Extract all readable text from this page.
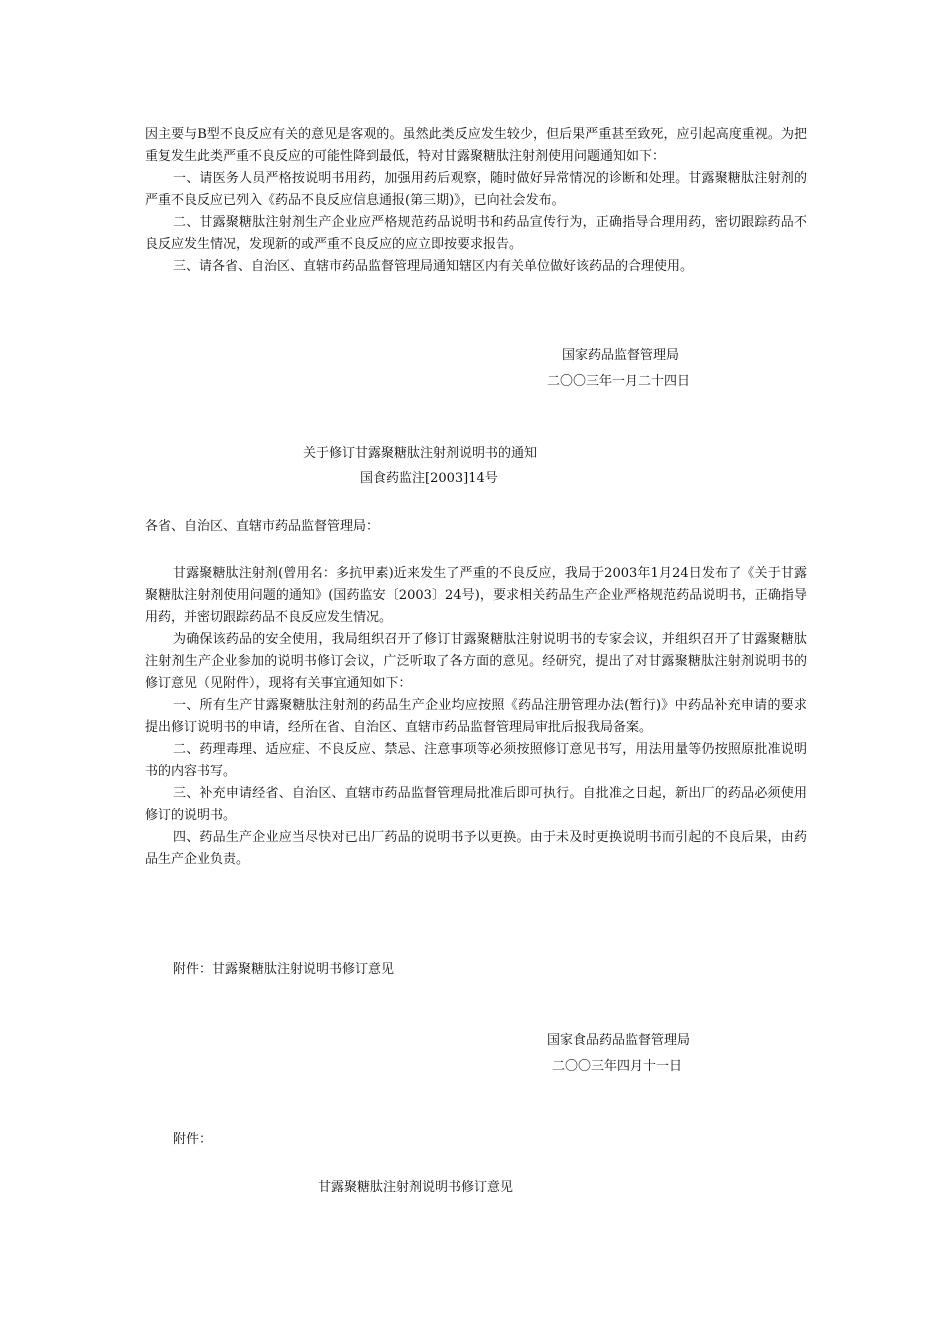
因主要与B型不良反应有关的意见是客观的。虽然此类反应发生较少，但后果严重甚至致死，应引起高度重视。为把重复发生此类严重不良反应的可能性降到最低，特对甘露聚糖肽注射剂使用问题通知如下：

一、请医务人员严格按说明书用药，加强用药后观察，随时做好异常情况的诊断和处理。甘露聚糖肽注射剂的严重不良反应已列入《药品不良反应信息通报(第三期)》，已向社会发布。

二、甘露聚糖肽注射剂生产企业应严格规范药品说明书和药品宣传行为，正确指导合理用药，密切跟踪药品不良反应发生情况，发现新的或严重不良反应的应立即按要求报告。

三、请各省、自治区、直辖市药品监督管理局通知辖区内有关单位做好该药品的合理使用。

国家药品监督管理局

二〇〇三年一月二十四日

关于修订甘露聚糖肽注射剂说明书的通知

国食药监注[2003]14号

各省、自治区、直辖市药品监督管理局：

甘露聚糖肽注射剂(曾用名：多抗甲素)近来发生了严重的不良反应，我局于2003年1月24日发布了《关于甘露聚糖肽注射剂使用问题的通知》(国药监安〔2003〕24号)，要求相关药品生产企业严格规范药品说明书，正确指导用药，并密切跟踪药品不良反应发生情况。

为确保该药品的安全使用，我局组织召开了修订甘露聚糖肽注射说明书的专家会议，并组织召开了甘露聚糖肽注射剂生产企业参加的说明书修订会议，广泛听取了各方面的意见。经研究，提出了对甘露聚糖肽注射剂说明书的修订意见（见附件），现将有关事宜通知如下：

一、所有生产甘露聚糖肽注射剂的药品生产企业均应按照《药品注册管理办法(暂行)》中药品补充申请的要求提出修订说明书的申请，经所在省、自治区、直辖市药品监督管理局审批后报我局备案。

二、药理毒理、适应症、不良反应、禁忌、注意事项等必须按照修订意见书写，用法用量等仍按照原批准说明书的内容书写。

三、补充申请经省、自治区、直辖市药品监督管理局批准后即可执行。自批准之日起，新出厂的药品必须使用修订的说明书。

四、药品生产企业应当尽快对已出厂药品的说明书予以更换。由于未及时更换说明书而引起的不良后果，由药品生产企业负责。

附件：甘露聚糖肽注射说明书修订意见

国家食品药品监督管理局

二〇〇三年四月十一日

附件：

甘露聚糖肽注射剂说明书修订意见
